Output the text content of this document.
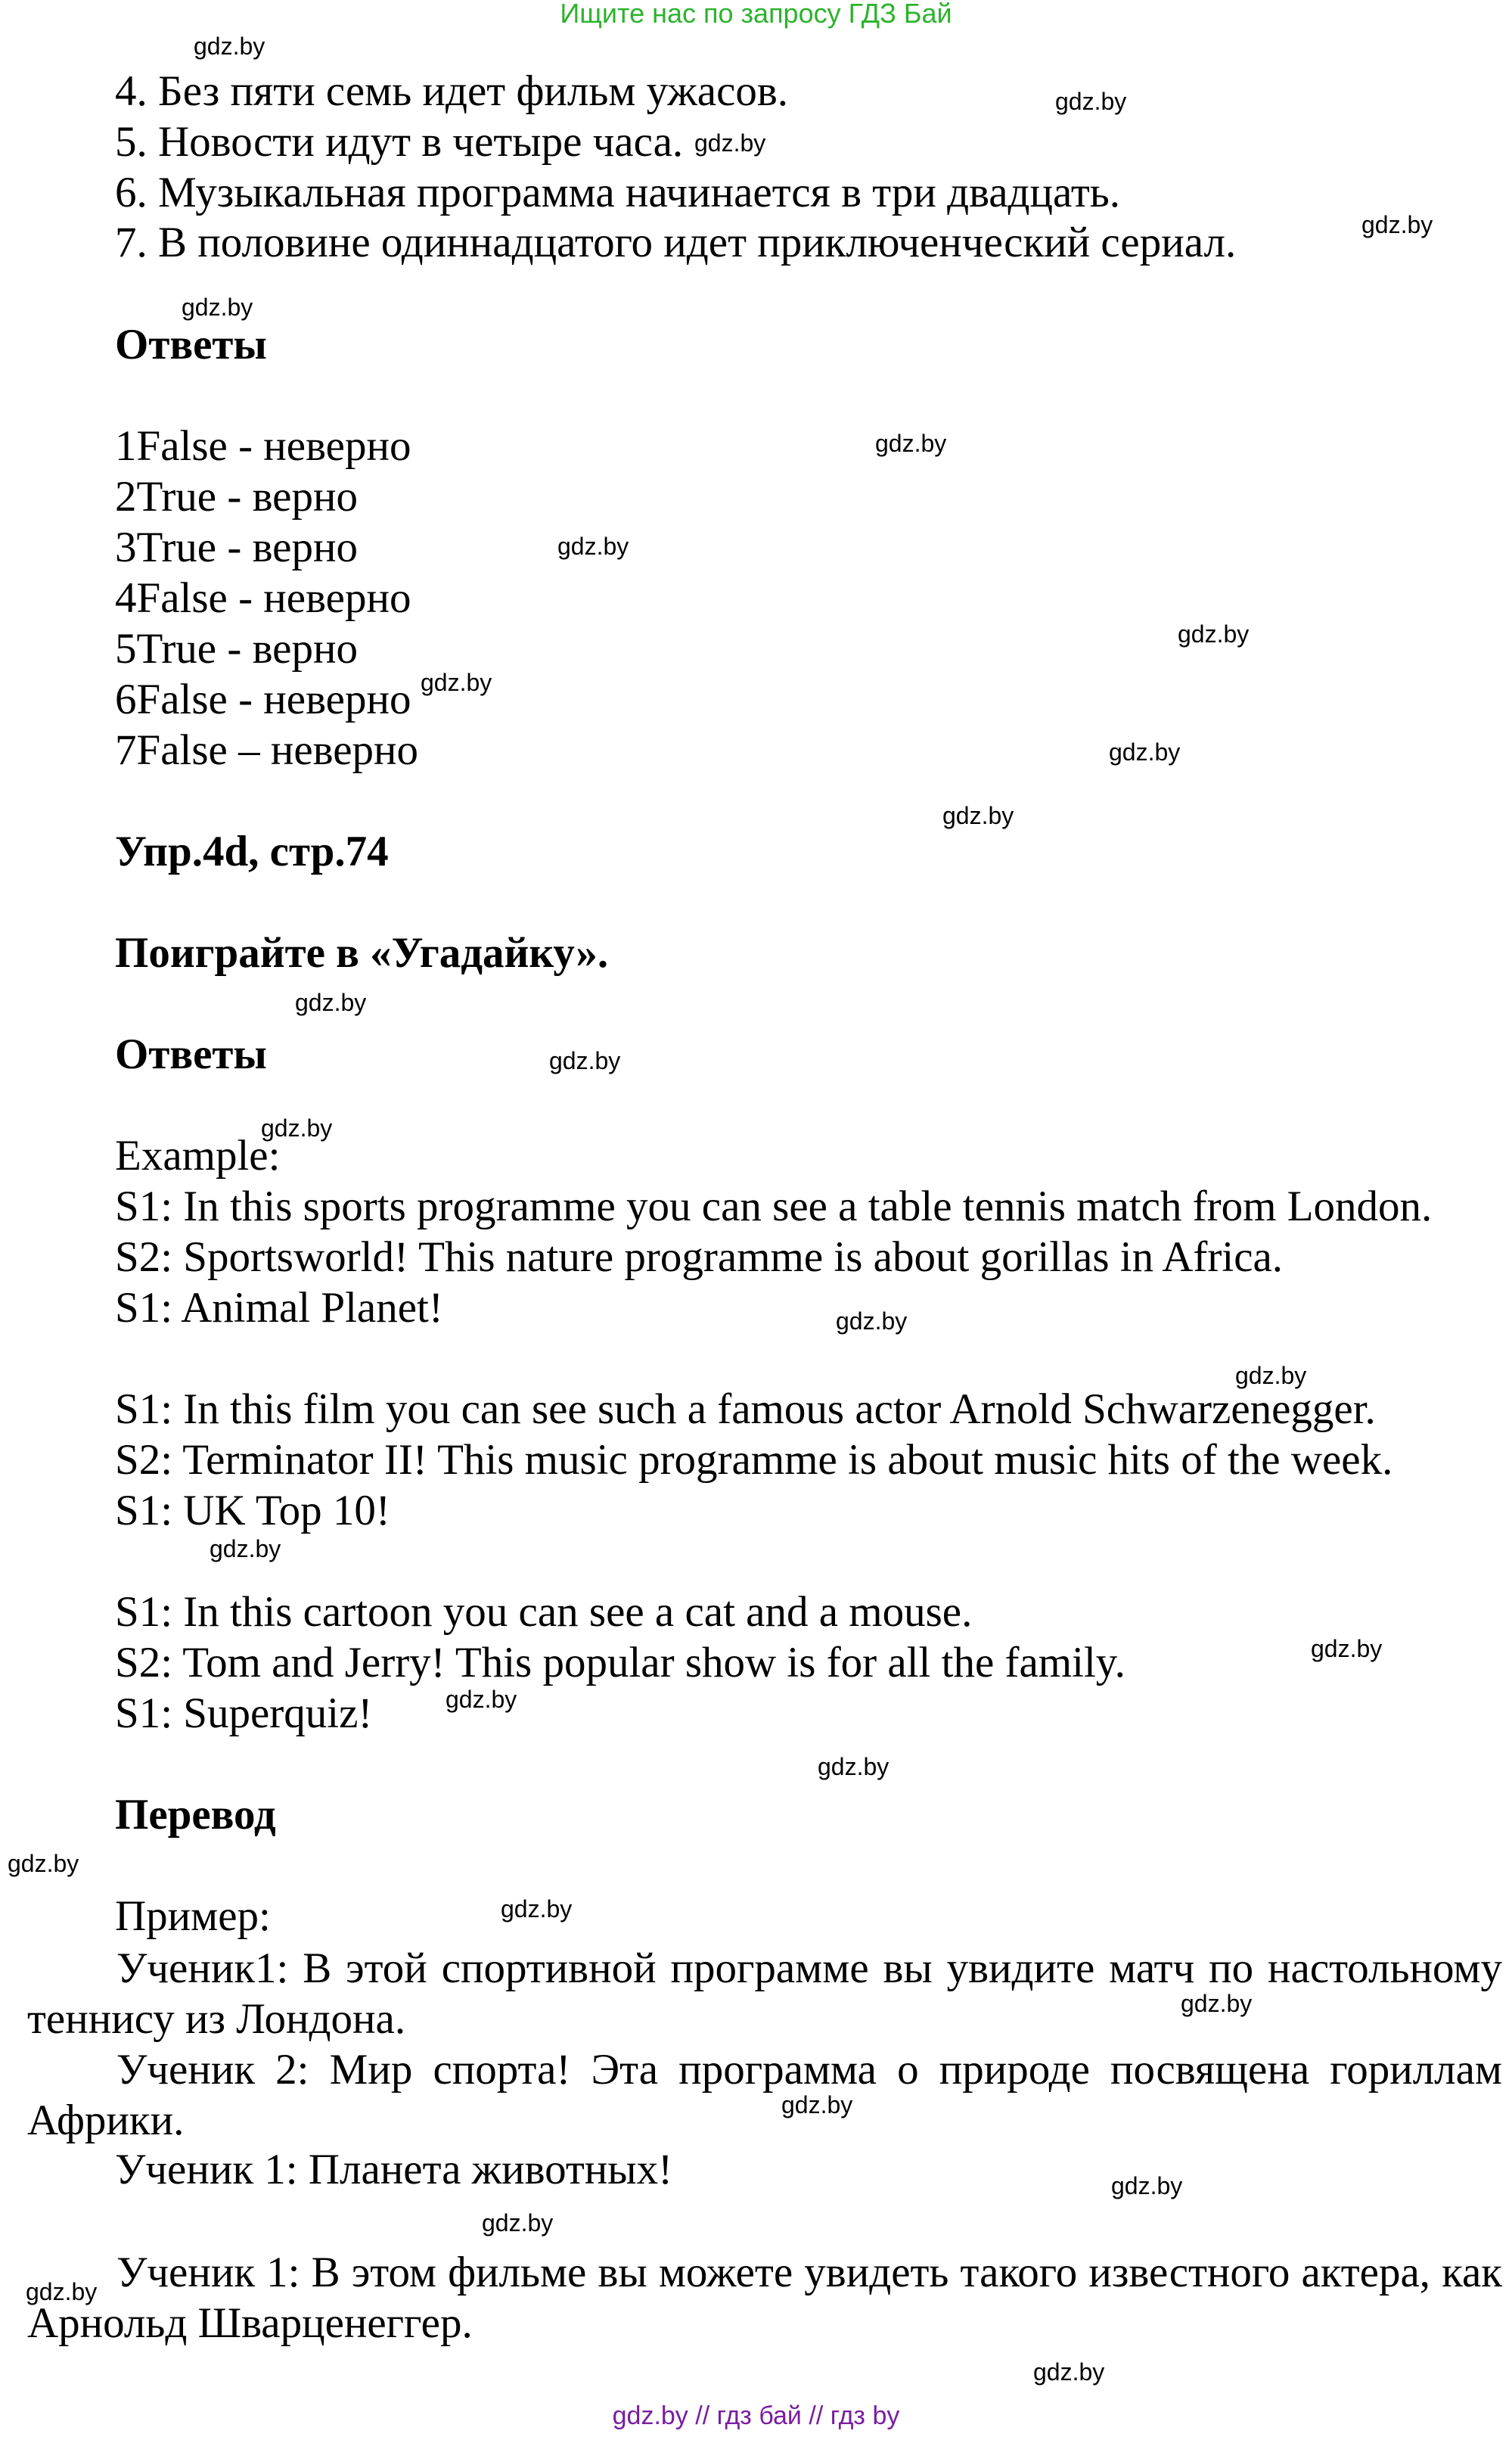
Ищите нас по запросу ГДЗ Бай
4. Без пяти семь идет фильм ужасов.
5. Новости идут в четыре часа.
6. Музыкальная программа начинается в три двадцать.
7. В половине одиннадцатого идет приключенческий сериал.
Ответы
1False - неверно
2True - верно
3True - верно
4False - неверно
5True - верно
6False - неверно
7False – неверно
Упр.4d, стр.74
Поиграйте в «Угадайку».
Ответы
Example:
S1: In this sports programme you can see a table tennis match from London.
S2: Sportsworld! This nature programme is about gorillas in Africa.
S1: Animal Planet!
S1: In this film you can see such a famous actor Arnold Schwarzenegger.
S2: Terminator II! This music programme is about music hits of the week.
S1: UK Top 10!
S1: In this cartoon you can see a cat and a mouse.
S2: Tom and Jerry! This popular show is for all the family.
S1: Superquiz!
Перевод
Пример:
Ученик1: В этой спортивной программе вы увидите матч по настольному теннису из Лондона.
Ученик 2: Мир спорта! Эта программа о природе посвящена гориллам Африки.
Ученик 1: Планета животных!
Ученик 1: В этом фильме вы можете увидеть такого известного актера, как Арнольд Шварценеггер.
gdz.by
gdz.by
gdz.by
gdz.by
gdz.by
gdz.by
gdz.by
gdz.by
gdz.by
gdz.by
gdz.by
gdz.by
gdz.by
gdz.by
gdz.by
gdz.by
gdz.by
gdz.by
gdz.by
gdz.by
gdz.by
gdz.by
gdz.by
gdz.by
gdz.by
gdz.by
gdz.by
gdz.by
gdz.by // гдз бай // гдз by
